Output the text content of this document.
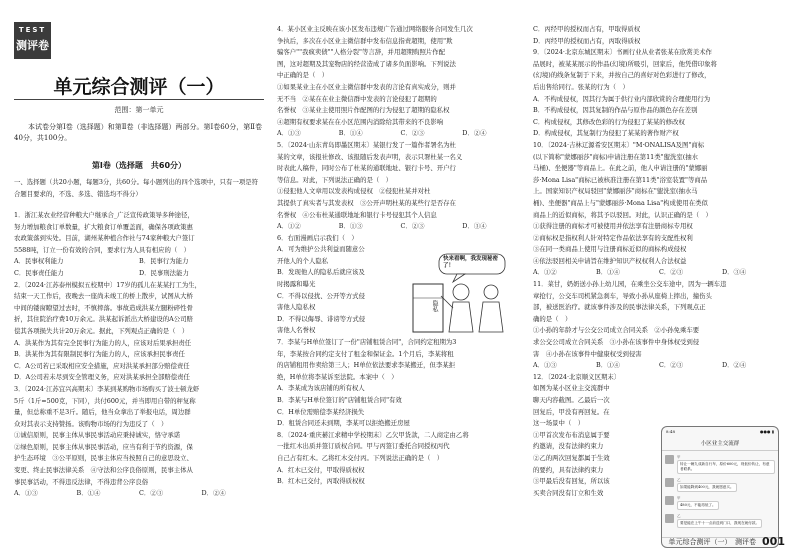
TEST
测评卷
单元综合测评（一）
范围：第一单元
本试卷分第Ⅰ卷（选择题）和第Ⅱ卷（非选择题）两部分。第Ⅰ卷60分，第Ⅱ卷40分，共100分。
第Ⅰ卷（选择题　共60分）
一、选择题（共20小题，每题3分，共60分。每小题列出的四个选项中，只有一项是符合题目要求的，不选、多选、错选均不得分）
1．浙江某农业经营种粮大户继承合_广泛宣传政策导多种途径，
努力增加粮食订单数量，扩大粮食订单覆盖面，确保各项政策惠
农政策落到实处。目前，湖州某种植合作社与74家种粮大户签订
5588吨，订立一份有效的合同，要求行为人具有相应的（　）
A．民事权利能力	B．民事行为能力
C．民事责任能力	D．民事刑法能力
2．〔2024·江苏泰州模拟五校期中〕17岁的孤儿在某某打工为生，
结束一天工作后，夜晚去一座尚未竣工的桥上散步，试图从大桥
中间的镂窗瞭望过去时，不慎摔落。事故造成洪某左腿粉碎性骨
折，其住院治疗费10万余元。洪某起诉派出大桥建设的A公司赔
偿其各项损失共计20万余元。据此，下列观点正确的是（　）
A．洪某作为其有完全民事行为能力的人，应该对后果承担责任
B．洪某作为其有限制民事行为能力的人，应该承担民事责任
C．A公司若已采取相应安全措施，应对洪某承担部分赔偿责任
D．A公司若未尽到安全管理义务，应对洪某承担全部赔偿责任
3．〔2024·江苏宜兴高期末〕李某到某购物市场购买了波士顿龙虾
5斤（1斤=500克，下同），共付600元，并当即用自带的秤复称
量，但总称重不足3斤。随后，他当众拿出了举报电话，周边群
众对其表示支持赞扬。该购物市场的行为违反了（　）
①诚信原则，民事主体从事民事活动应秉持诚实，恪守承诺
②绿色原则，民事主体从事民事活动，应当有利于节约资源，保
护生态环境　③公平原则，民事主体应当按照自己的意思设立、
变更、终止民事法律关系　④守法和公序良俗原则，民事主体从
事民事活动，不得违反法律，不得违背公序良俗
A．①③	B．①④	C．②③	D．②④
4．某小区业主反映在该小区发布违规广告通过网络服务合同发生几次
争执后，多次在小区业主微信群中发布信息指责超期，使用"欺
骗客户""我疯卖债""人格分裂"等言辞，并用超期购照片作配
图，这对超期及其宠物店的经营造成了诸多负面影响。下列说法
中正确的是（　）
①如果某业主在小区业主微信群中发表的言论有真实成分，则并
无不当　②某在在业主微信群中发表的言论侵犯了超期的
名誉权　③某业主使用照片作配图的行为侵犯了超期的隐私权
④超期有权要求某在在小区范围内消除给其带来的不良影响
A．①③	B．①④	C．②③	D．②④
5．〔2024·山东青岛即墨区期末〕某银行发了一篇作者署名为杜
某的文章，该报社修改、该报随后发表声明，表示只署杜某一名义
时表此人稿件，同时公布了杜某的通联地址、银行卡号、开户行
等信息。对此，下列说法正确的是（　）
①侵犯他人文章用以发表构成侵权　②侵犯杜某并对杜
其提供了真实者与其发表权　③公开声明杜某的某些行是否存在
名誉权　④公布杜某通联地址和银行卡号侵犯其个人信息
A．①②	B．①③	C．②③	D．③④
6．右面漫画启示我们（　）
A．可为维护公共利益而随意公
开他人的个人隐私
B．发现他人的隐私后就应该及
时揭露和曝光
C．不得以侵扰、公开等方式侵
害他人隐私权
D．不得以侮辱、诽谤等方式侵
害他人名誉权
7．李某与H单位签订了一份"店铺租赁合同"，合同约定租期为3
年，李某按合同约定支付了租金和保证金。1个月后，李某将租
的店铺租用作卖给第三人；H单位依法要求李某搬迁，但李某拒
绝，H单位将李某诉至法院。本案中（　）
A．李某成为该店铺的所有权人
B．李某与H单位签订的"店铺租赁合同"有效
C．H单位需赔偿李某经济损失
D．租赁合同还未到期，李某可以拒绝搬迁房屋
8．〔2024·重庆綦江求精中学校期末〕乙欠甲货款，二人商定由乙将
一批红木出质并签订质权合同。甲与丙签订委托合同授权丙代
自己占有红木。乙将红木交付丙。下列说法正确的是（　）
A．红木已交付，甲取得质权权
B．红木已交付，丙取得质权权
快来看啊，我发现秘密了！
隐私
C．丙经甲的授权而占有，甲取得质权
D．丙经甲的授权而占有，丙取得质权
9．〔2024·北京东城区期末〕书画行业从业者张某在欣赏美术作
品展时，被某某展示的作品(幻境)所吸引，回家后，他凭借印象将
(幻境)的线条复制于下来，并按自己的喜好对色彩进行了修改，
后出售给同行。张某的行为（　）
A．不构成侵权，因其行为属于供行业内部欣赏的合理使用行为
B．不构成侵权，因其复制的作品与原作品的颜色存在差别
C．构成侵权，其修改色彩的行为侵犯了某某的修改权
D．构成侵权，其复制行为侵犯了某某的著作财产权
10．〔2024·吉林辽源希安区期末〕"M·ONALISA及图"商标
(以下简称"蒙娜丽莎"商标)申请注册在第11类"盥洗室(抽水
马桶)、坐便器"等商品上。在此之前，他人申请注册的"蒙娜丽
莎·Mona Lisa"商标已被核准注册在第11类"浴室装置"等商品
上。国家知识产权局驳回"蒙娜丽莎"商标在"盥洗室(抽水马
桶)、坐便器"商品上与"蒙娜丽莎·Mona Lisa"构成使用在类似
商品上的近似商标，将其予以驳回。对此，认识正确的是（　）
①获得注册的商标才可被使用并依法享有注册商标专用权
②商标权是指权利人针对特定作品依法享有的支配性权利
③在同一类商品上使用与注册商标近似的商标构成侵权
④依法驳回相关申请旨在维护知识产权权利人合法权益
A．①②	B．①④	C．②③	D．③④
11．菜甘，奶奶送小孙上幼儿园，在乘坐公交车途中，因为一辆车违
章抢行，公交车司机紧急刹车，导致小孙从座椅上摔出，撞伤头
部，被送医治疗。就该事件涉及的民事法律关系，下列观点正
确的是（　）
①小孙的年龄才与公交公司成立合同关系　②小孙免乘车要
求公交公司成立合同关系　③小孙在该事件中身体权受到侵
害　④小孙在该事件中健康权受到侵害
A．①③	B．①④	C．②③	D．②④
12．〔2024·北京顺义区期末〕
如图为某小区业主交流群中
聊天内容截图。乙最后一次
回复后，甲没有再回复。在
这一场景中（　）
①甲首次发布布消息属于要
约邀请，没有法律约束力
②乙的两次回复都属于生效
的要约，具有法律约束力
③甲最后没有回复，所以该
买卖合同没有订立和生效
8:48	●●● ▮
小区业主交流群
甲
转让一辆九成新自行车，原价600元，现低价转让，有意者联系。
乙
如果能降到400元，我就愿意买。
甲
480元，不能再低了。
乙
要是能在上午十一点前送到门口，我现在就付款。
单元综合测评（一）　测评卷 001
